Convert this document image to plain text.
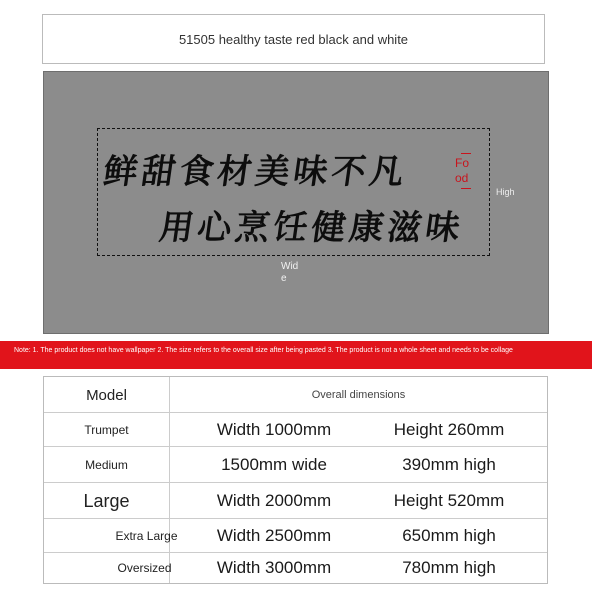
51505 healthy taste red black and white
鲜甜食材美味不凡
用心烹饪健康滋味
Fo
od
High
Wide
Note: 1. The product does not have wallpaper 2. The size refers to the overall size after being pasted 3. The product is not a whole sheet and needs to be collage
Model	Overall dimensions
Trumpet	Width 1000mm	Height 260mm
Medium	1500mm wide	390mm high
Large	Width 2000mm	Height 520mm
Extra Large	Width 2500mm	650mm high
Oversized	Width 3000mm	780mm high
